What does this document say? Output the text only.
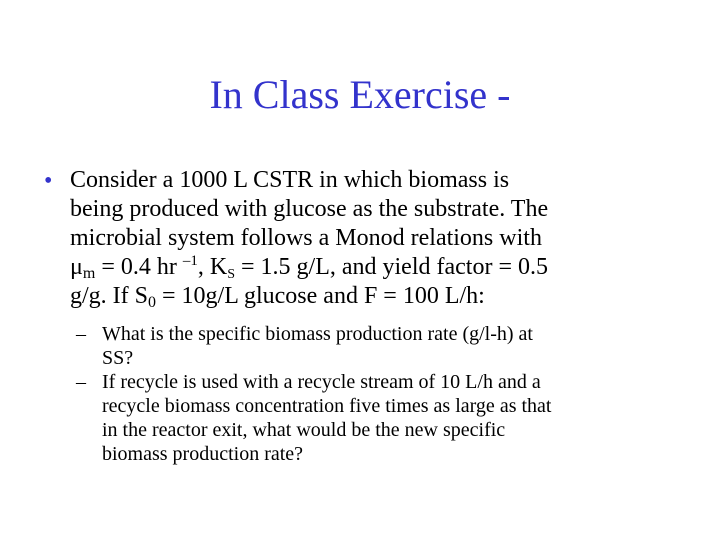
In Class Exercise -
• Consider a 1000 L CSTR in which biomass is
being produced with glucose as the substrate. The
microbial system follows a Monod relations with
$\mu_m = 0.4$ hr $^{-1}$, KS = 1.5 g/L, and yield factor = 0.5
g/g. If $S_0 = 10g/L$ glucose and F = 100 L/h:
– What is the specific biomass production rate (g/l-h) at
SS?
– If recycle is used with a recycle stream of 10 L/h and a
recycle biomass concentration five times as large as that
in the reactor exit, what would be the new specific
biomass production rate?
